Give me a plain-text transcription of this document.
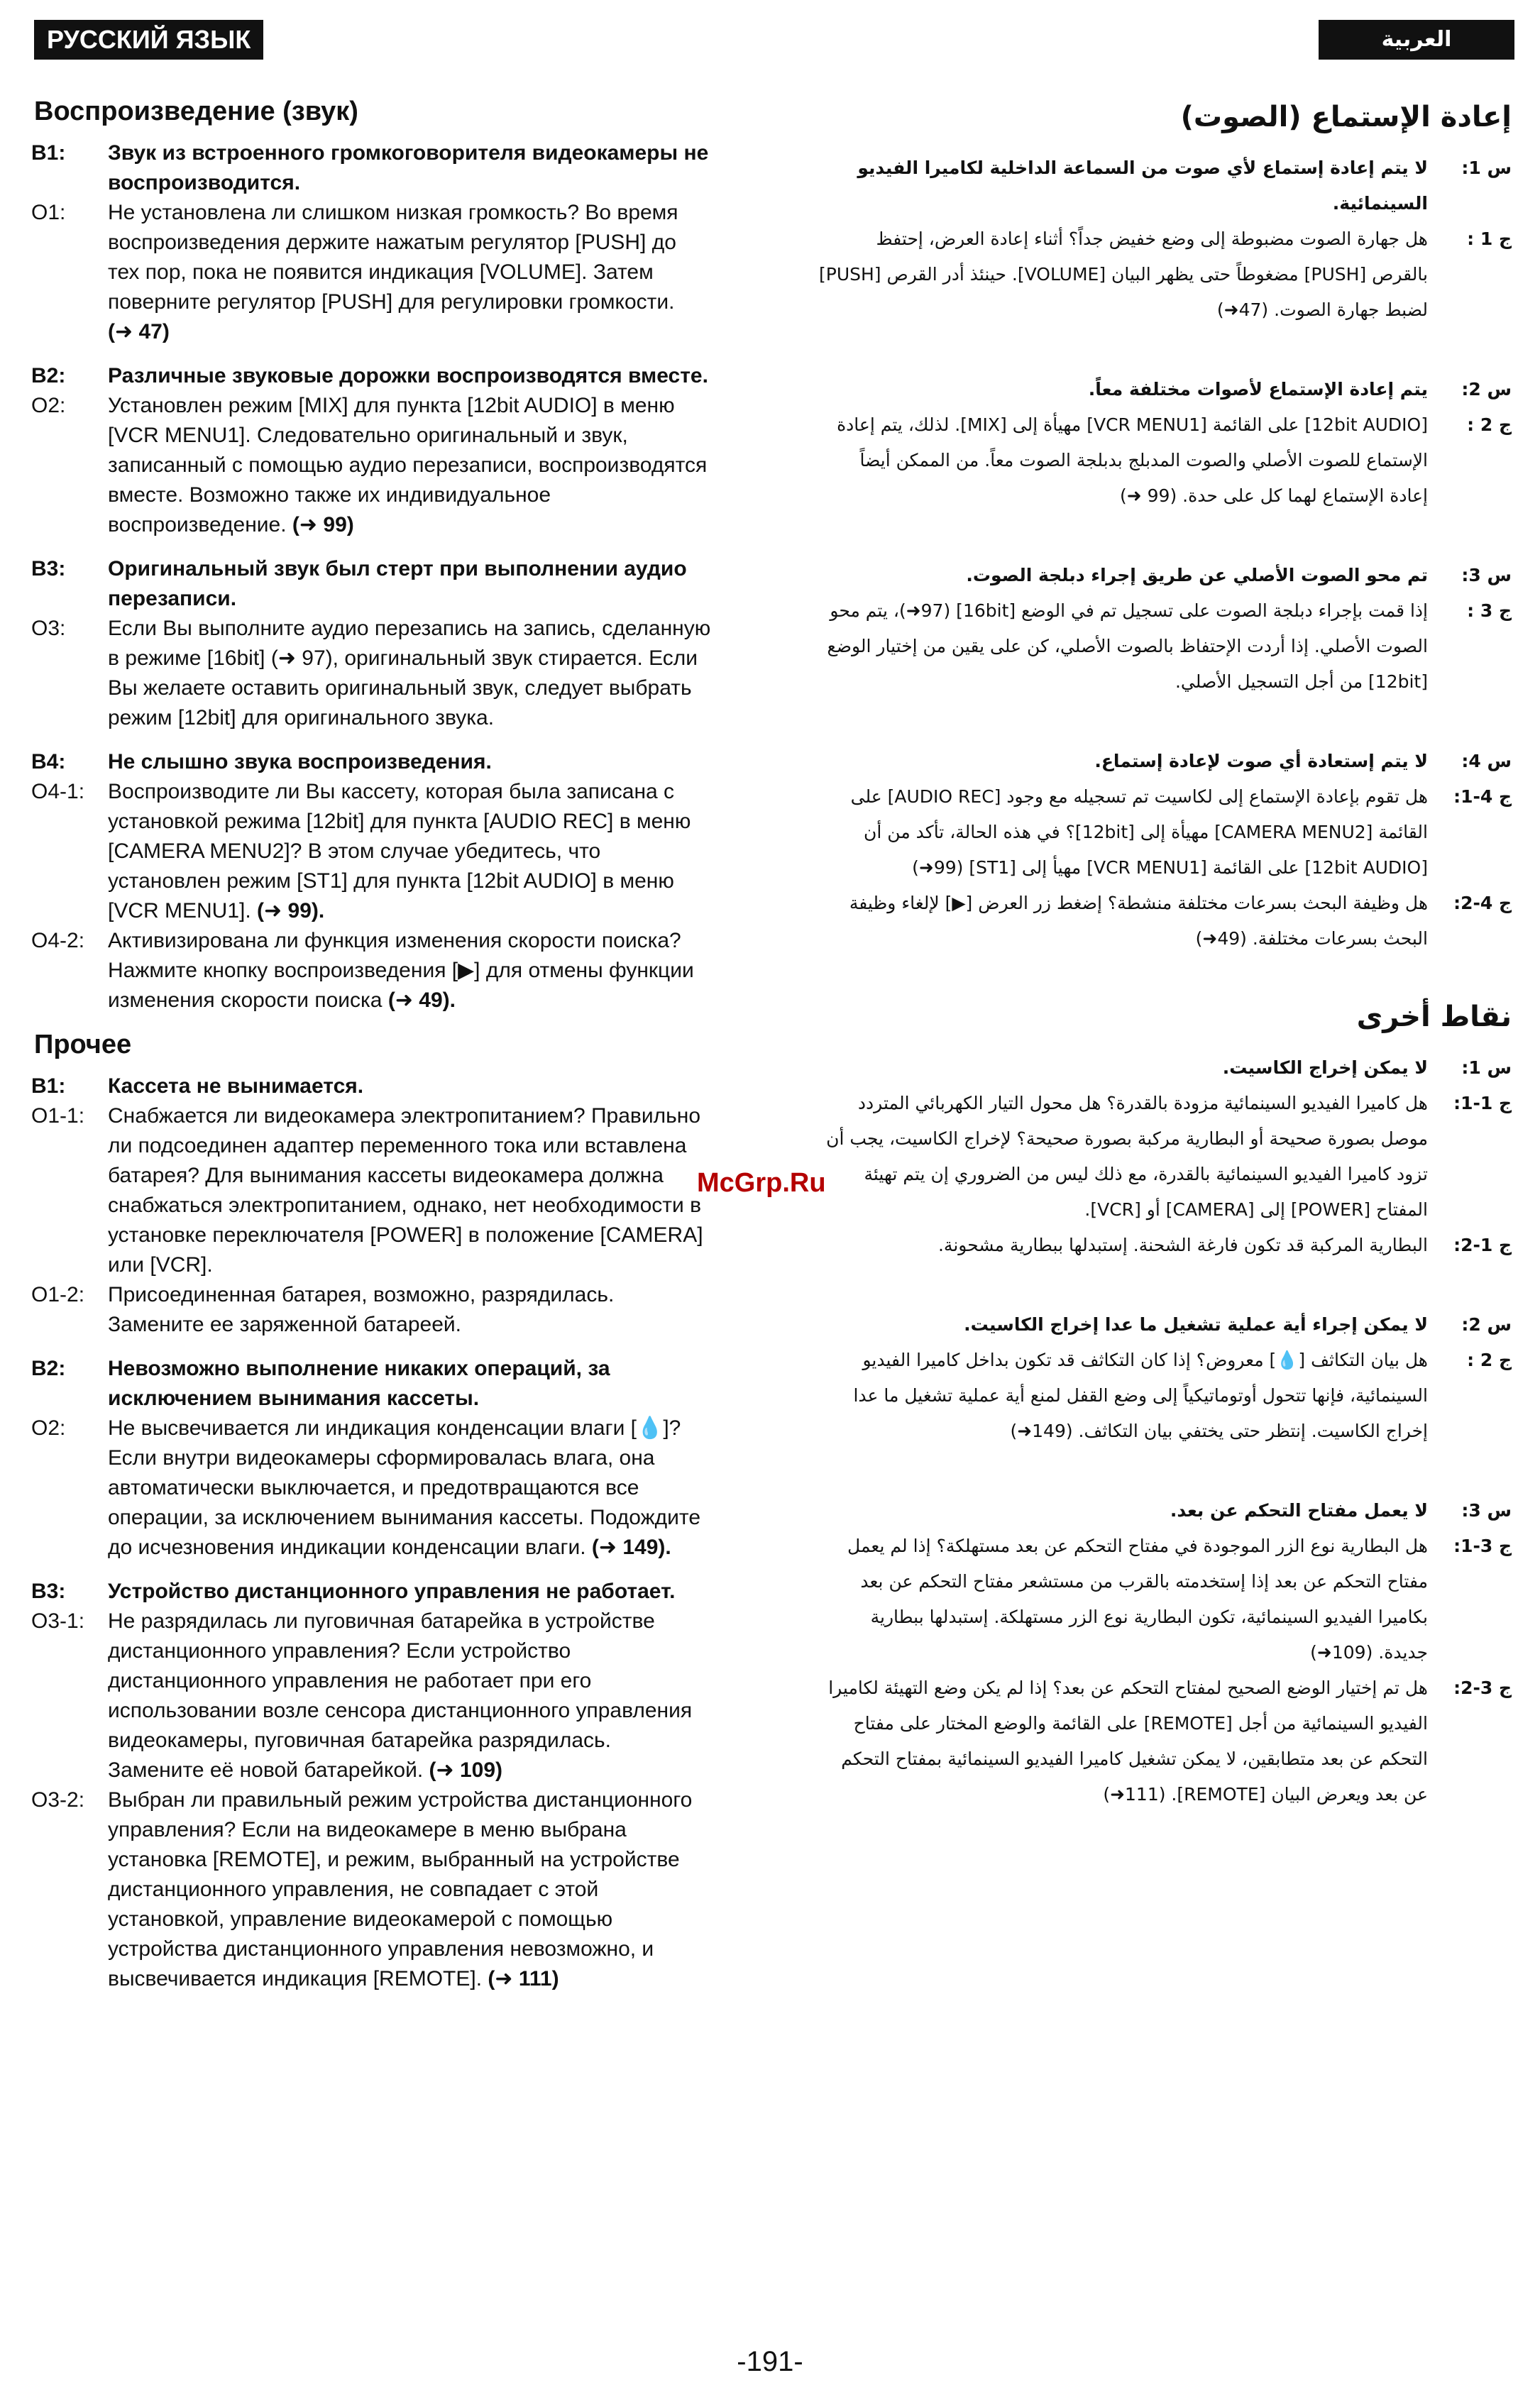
РУССКИЙ ЯЗЫК	العربية
Воспроизведение (звук)
В1:	Звук из встроенного громкоговорителя видеокамеры не воспроизводится.
О1:	Не установлена ли слишком низкая громкость? Во время воспроизведения держите нажатым регулятор [PUSH] до тех пор, пока не появится индикация [VOLUME]. Затем поверните регулятор [PUSH] для регулировки громкости. (➜ 47)
В2:	Различные звуковые дорожки воспроизводятся вместе.
О2:	Установлен режим [MIX] для пункта [12bit AUDIO] в меню [VCR MENU1]. Следовательно оригинальный и звук, записанный с помощью аудио перезаписи, воспроизводятся вместе. Возможно также их индивидуальное воспроизведение. (➜ 99)
В3:	Оригинальный звук был стерт при выполнении аудио перезаписи.
О3:	Если Вы выполните аудио перезапись на запись, сделанную в режиме [16bit] (➜ 97), оригинальный звук стирается. Если Вы желаете оставить оригинальный звук, следует выбрать режим [12bit] для оригинального звука.
В4:	Не слышно звука воспроизведения.
О4-1:	Воспроизводите ли Вы кассету, которая была записана с установкой режима [12bit] для пункта [AUDIO REC] в меню [CAMERA MENU2]? В этом случае убедитесь, что установлен режим [ST1] для пункта [12bit AUDIO] в меню [VCR MENU1]. (➜ 99).
О4-2:	Активизирована ли функция изменения скорости поиска? Нажмите кнопку воспроизведения [▶] для отмены функции изменения скорости поиска (➜ 49).
Прочее
В1:	Кассета не вынимается.
О1-1:	Снабжается ли видеокамера электропитанием? Правильно ли подсоединен адаптер переменного тока или вставлена батарея? Для вынимания кассеты видеокамера должна снабжаться электропитанием, однако, нет необходимости в установке переключателя [POWER] в положение [CAMERA] или [VCR].
О1-2:	Присоединенная батарея, возможно, разрядилась. Замените ее заряженной батареей.
В2:	Невозможно выполнение никаких операций, за исключением вынимания кассеты.
О2:	Не высвечивается ли индикация конденсации влаги [💧]? Если внутри видеокамеры сформировалась влага, она автоматически выключается, и предотвращаются все операции, за исключением вынимания кассеты. Подождите до исчезновения индикации конденсации влаги. (➜ 149).
В3:	Устройство дистанционного управления не работает.
О3-1:	Не разрядилась ли пуговичная батарейка в устройстве дистанционного управления? Если устройство дистанционного управления не работает при его использовании возле сенсора дистанционного управления видеокамеры, пуговичная батарейка разрядилась. Замените её новой батарейкой. (➜ 109)
О3-2:	Выбран ли правильный режим устройства дистанционного управления? Если на видеокамере в меню выбрана установка [REMOTE], и режим, выбранный на устройстве дистанционного управления, не совпадает с этой установкой, управление видеокамерой с помощью устройства дистанционного управления невозможно, и высвечивается индикация [REMOTE]. (➜ 111)
إعادة الإستماع (الصوت)
س 1:
لا يتم إعادة إستماع لأي صوت من السماعة الداخلية لكاميرا الفيديو السينمائية.
ج 1 :
هل جهارة الصوت مضبوطة إلى وضع خفيض جداً؟ أثناء إعادة العرض، إحتفظ بالقرص [PUSH] مضغوطاً حتى يظهر البيان [VOLUME]. حينئذ أدر القرص [PUSH] لضبط جهارة الصوت. (47➜)
س 2:
يتم إعادة الإستماع لأصوات مختلفة معاً.
ج 2 :
[12bit AUDIO] على القائمة [VCR MENU1] مهيأة إلى [MIX]. لذلك، يتم إعادة الإستماع للصوت الأصلي والصوت المدبلج بدبلجة الصوت معاً. من الممكن أيضاً إعادة الإستماع لهما كل على حدة. (99 ➜)
س 3:
تم محو الصوت الأصلي عن طريق إجراء دبلجة الصوت.
ج 3 :
إذا قمت بإجراء دبلجة الصوت على تسجيل تم في الوضع [16bit] (97➜)، يتم محو الصوت الأصلي. إذا أردت الإحتفاظ بالصوت الأصلي، كن على يقين من إختيار الوضع [12bit] من أجل التسجيل الأصلي.
س 4:
لا يتم إستعادة أي صوت لإعادة إستماع.
ج 4-1:
هل تقوم بإعادة الإستماع إلى لكاسيت تم تسجيله مع وجود [AUDIO REC] على القائمة [CAMERA MENU2] مهيأة إلى [12bit]؟ في هذه الحالة، تأكد من أن [12bit AUDIO] على القائمة [VCR MENU1] مهيأ إلى [ST1] (99➜)
ج 4-2:
هل وظيفة البحث بسرعات مختلفة منشطة؟ إضغط زر العرض [▶] لإلغاء وظيفة البحث بسرعات مختلفة. (49➜)
نقاط أخرى
س 1:
لا يمكن إخراج الكاسيت.
ج 1-1:
هل كاميرا الفيديو السينمائية مزودة بالقدرة؟ هل محول التيار الكهربائي المتردد موصل بصورة صحيحة أو البطارية مركبة بصورة صحيحة؟ لإخراج الكاسيت، يجب أن تزود كاميرا الفيديو السينمائية بالقدرة، مع ذلك ليس من الضروري إن يتم تهيئة المفتاح [POWER] إلى [CAMERA] أو [VCR].
ج 1-2:
البطارية المركبة قد تكون فارغة الشحنة. إستبدلها ببطارية مشحونة.
س 2:
لا يمكن إجراء أية عملية تشغيل ما عدا إخراج الكاسيت.
ج 2 :
هل بيان التكاثف [💧] معروض؟ إذا كان التكاثف قد تكون بداخل كاميرا الفيديو السينمائية، فإنها تتحول أوتوماتيكياً إلى وضع القفل لمنع أية عملية تشغيل ما عدا إخراج الكاسيت. إنتظر حتى يختفي بيان التكاثف. (149➜)
س 3:
لا يعمل مفتاح التحكم عن بعد.
ج 3-1:
هل البطارية نوع الزر الموجودة في مفتاح التحكم عن بعد مستهلكة؟ إذا لم يعمل مفتاح التحكم عن بعد إذا إستخدمته بالقرب من مستشعر مفتاح التحكم عن بعد بكاميرا الفيديو السينمائية، تكون البطارية نوع الزر مستهلكة. إستبدلها ببطارية جديدة. (109➜)
ج 3-2:
هل تم إختيار الوضع الصحيح لمفتاح التحكم عن بعد؟ إذا لم يكن وضع التهيئة لكاميرا الفيديو السينمائية من أجل [REMOTE] على القائمة والوضع المختار على مفتاح التحكم عن بعد متطابقين، لا يمكن تشغيل كاميرا الفيديو السينمائية بمفتاح التحكم عن بعد ويعرض البيان [REMOTE]. (111➜)
McGrp.Ru
-191-
